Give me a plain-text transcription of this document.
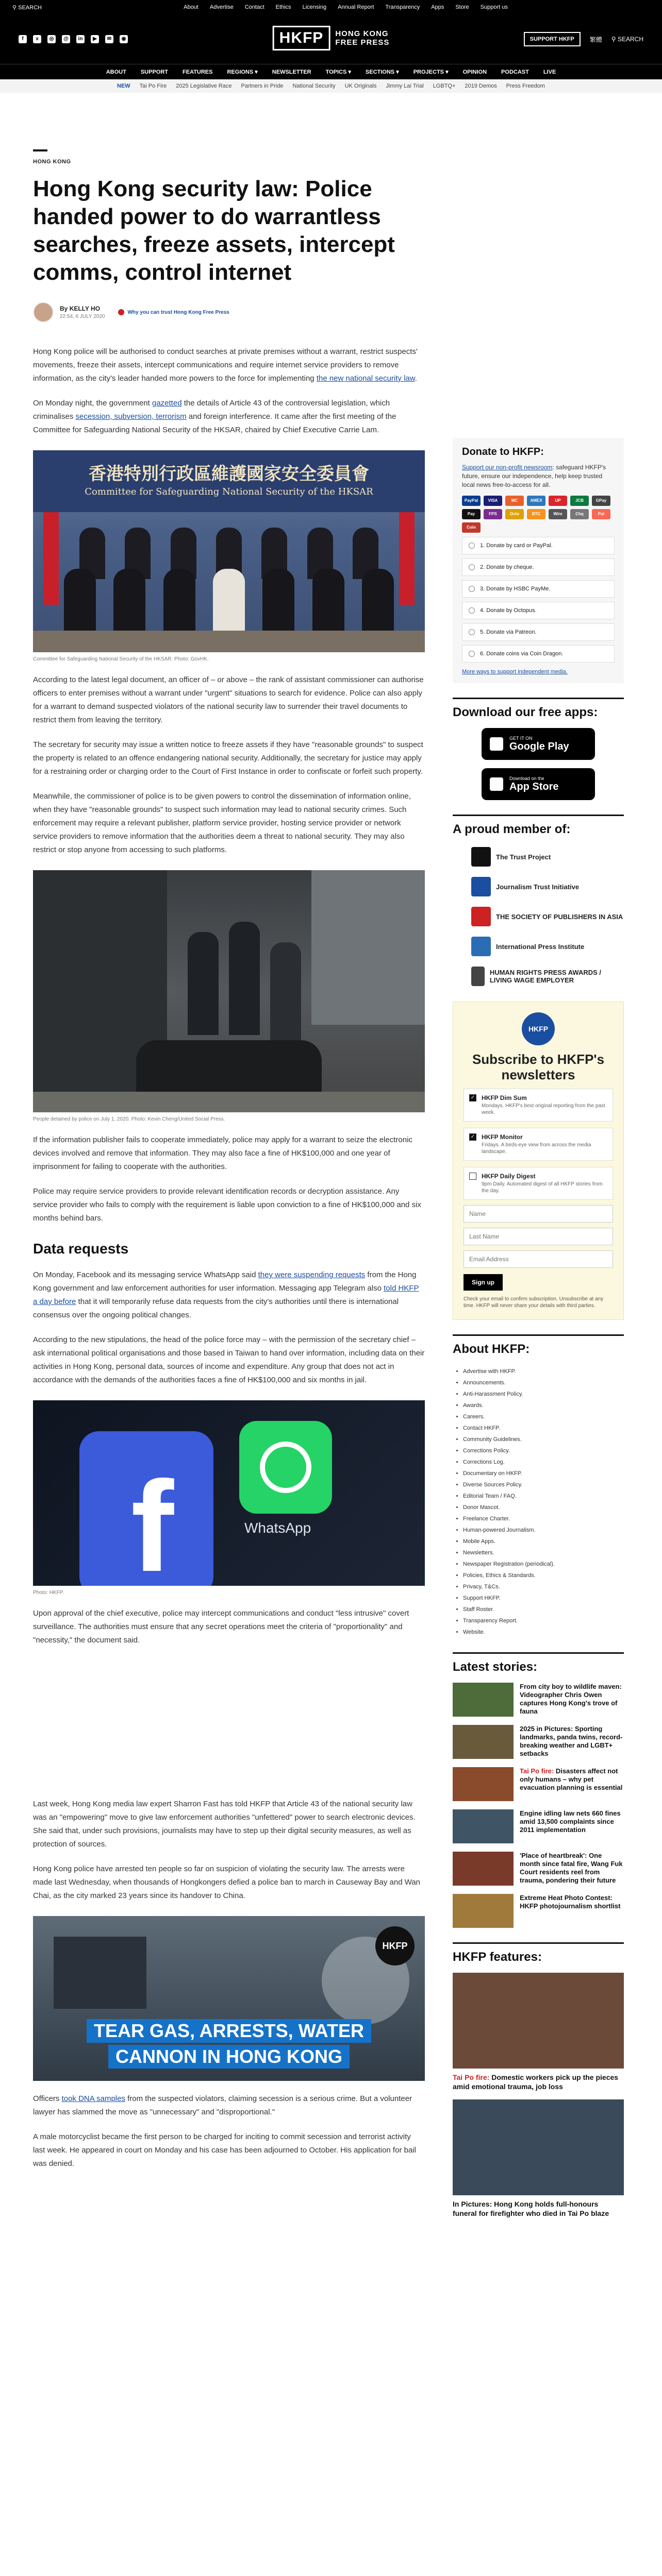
⚲ SEARCH	About Advertise Contact Ethics Licensing Annual Report Transparency Apps Store Support us
f	x	◎	@	in	▶	✉	◉	HKFP	HONG KONG
FREE PRESS	SUPPORT HKFP	繁體 ⚲ SEARCH
ABOUT	SUPPORT	FEATURES	REGIONS ▾	NEWSLETTER	TOPICS ▾	SECTIONS ▾	PROJECTS ▾	OPINION	PODCAST	LIVE
NEW Tai Po Fire 2025 Legislative Race Partners in Pride National Security UK Originals Jimmy Lai Trial LGBTQ+ 2019 Demos Press Freedom
HONG KONG
Hong Kong security law: Police handed power to do warrantless searches, freeze assets, intercept comms, control internet
By KELLY HO
22:54, 6 JULY 2020
Why you can trust Hong Kong Free Press

Hong Kong police will be authorised to conduct searches at private premises without a warrant, restrict suspects' movements, freeze their assets, intercept communications and require internet service providers to remove information, as the city's leader handed more powers to the force for implementing the new national security law.

On Monday night, the government gazetted the details of Article 43 of the controversial legislation, which criminalises secession, subversion, terrorism and foreign interference. It came after the first meeting of the Committee for Safeguarding National Security of the HKSAR, chaired by Chief Executive Carrie Lam.

香港特別行政區維護國家安全委員會
Committee for Safeguarding National Security of the HKSAR
Committee for Safeguarding National Security of the HKSAR. Photo: GovHK.

According to the latest legal document, an officer of – or above – the rank of assistant commissioner can authorise officers to enter premises without a warrant under "urgent" situations to search for evidence. Police can also apply for a warrant to demand suspected violators of the national security law to surrender their travel documents to restrict them from leaving the territory.

The secretary for security may issue a written notice to freeze assets if they have "reasonable grounds" to suspect the property is related to an offence endangering national security. Additionally, the secretary for justice may apply for a restraining order or charging order to the Court of First Instance in order to confiscate or forfeit such property.

Meanwhile, the commissioner of police is to be given powers to control the dissemination of information online, when they have "reasonable grounds" to suspect such information may lead to national security crimes. Such enforcement may require a relevant publisher, platform service provider, hosting service provider or network service providers to remove information that the authorities deem a threat to national security. They may also restrict or stop anyone from accessing to such platforms.

People detained by police on July 1, 2020. Photo: Kevin Cheng/United Social Press.

If the information publisher fails to cooperate immediately, police may apply for a warrant to seize the electronic devices involved and remove that information. They may also face a fine of HK$100,000 and one year of imprisonment for failing to cooperate with the authorities.

Police may require service providers to provide relevant identification records or decryption assistance. Any service provider who fails to comply with the requirement is liable upon conviction to a fine of HK$100,000 and six months behind bars.

Data requests

On Monday, Facebook and its messaging service WhatsApp said they were suspending requests from the Hong Kong government and law enforcement authorities for user information. Messaging app Telegram also told HKFP a day before that it will temporarily refuse data requests from the city's authorities until there is international consensus over the ongoing political changes.

According to the new stipulations, the head of the police force may – with the permission of the secretary chief – ask international political organisations and those based in Taiwan to hand over information, including data on their activities in Hong Kong, personal data, sources of income and expenditure. Any group that does not act in accordance with the demands of the authorities faces a fine of HK$100,000 and six months in jail.

f	WhatsApp
Photo: HKFP.

Upon approval of the chief executive, police may intercept communications and conduct "less intrusive" covert surveillance. The authorities must ensure that any secret operations meet the criteria of "proportionality" and "necessity," the document said.

Last week, Hong Kong media law expert Sharron Fast has told HKFP that Article 43 of the national security law was an "empowering" move to give law enforcement authorities "unfettered" power to search electronic devices. She said that, under such provisions, journalists may have to step up their digital security measures, as well as protection of sources.

Hong Kong police have arrested ten people so far on suspicion of violating the security law. The arrests were made last Wednesday, when thousands of Hongkongers defied a police ban to march in Causeway Bay and Wan Chai, as the city marked 23 years since its handover to China.

HKFP
TEAR GAS, ARRESTS, WATER
CANNON IN HONG KONG

Officers took DNA samples from the suspected violators, claiming secession is a serious crime. But a volunteer lawyer has slammed the move as "unnecessary" and "disproportional."

A male motorcyclist became the first person to be charged for inciting to commit secession and terrorist activity last week. He appeared in court on Monday and his case has been adjourned to October. His application for bail was denied.

Donate to HKFP:
Support our non-profit newsroom: safeguard HKFP's future, ensure our independence, help keep trusted local news free-to-access for all.
PayPal	VISA	MC	AMEX	UP	JCB	GPay
Pay	FPS	Octo	BTC	Wire	Chq	Pat
Coin
1. Donate by card or PayPal.
2. Donate by cheque.
3. Donate by HSBC PayMe.
4. Donate by Octopus.
5. Donate via Patreon.
6. Donate coins via Coin Dragon.
More ways to support independent media.
Download our free apps:
GET IT ON
Google Play
Download on the
App Store
A proud member of:
The Trust Project
Journalism Trust Initiative
THE SOCIETY OF PUBLISHERS IN ASIA
International Press Institute
HUMAN RIGHTS PRESS AWARDS / LIVING WAGE EMPLOYER
HKFP
Subscribe to HKFP's newsletters
✓ HKFP Dim Sum
Mondays. HKFP's best original reporting from the past week.
✓ HKFP Monitor
Fridays. A birds-eye view from across the media landscape.
HKFP Daily Digest
9pm Daily. Automated digest of all HKFP stories from the day.
Name Last Name Email Address Sign up
Check your email to confirm subscription. Unsubscribe at any time. HKFP will never share your details with third parties.
About HKFP:
• Advertise with HKFP.
• Announcements.
• Anti-Harassment Policy.
• Awards.
• Careers.
• Contact HKFP.
• Community Guidelines.
• Corrections Policy.
• Corrections Log.
• Documentary on HKFP.
• Diverse Sources Policy.
• Editorial Team / FAQ.
• Donor Mascot.
• Freelance Charter.
• Human-powered Journalism.
• Mobile Apps.
• Newsletters.
• Newspaper Registration (periodical).
• Policies, Ethics & Standards.
• Privacy, T&Cs.
• Support HKFP.
• Staff Roster.
• Transparency Report.
• Website.
Latest stories:
From city boy to wildlife maven: Videographer Chris Owen captures Hong Kong's trove of fauna
2025 in Pictures: Sporting landmarks, panda twins, record-breaking weather and LGBT+ setbacks
Tai Po fire: Disasters affect not only humans – why pet evacuation planning is essential
Engine idling law nets 660 fines amid 13,500 complaints since 2011 implementation
'Place of heartbreak': One month since fatal fire, Wang Fuk Court residents reel from trauma, pondering their future
Extreme Heat Photo Contest: HKFP photojournalism shortlist
HKFP features:
Tai Po fire: Domestic workers pick up the pieces amid emotional trauma, job loss
In Pictures: Hong Kong holds full-honours funeral for firefighter who died in Tai Po blaze
